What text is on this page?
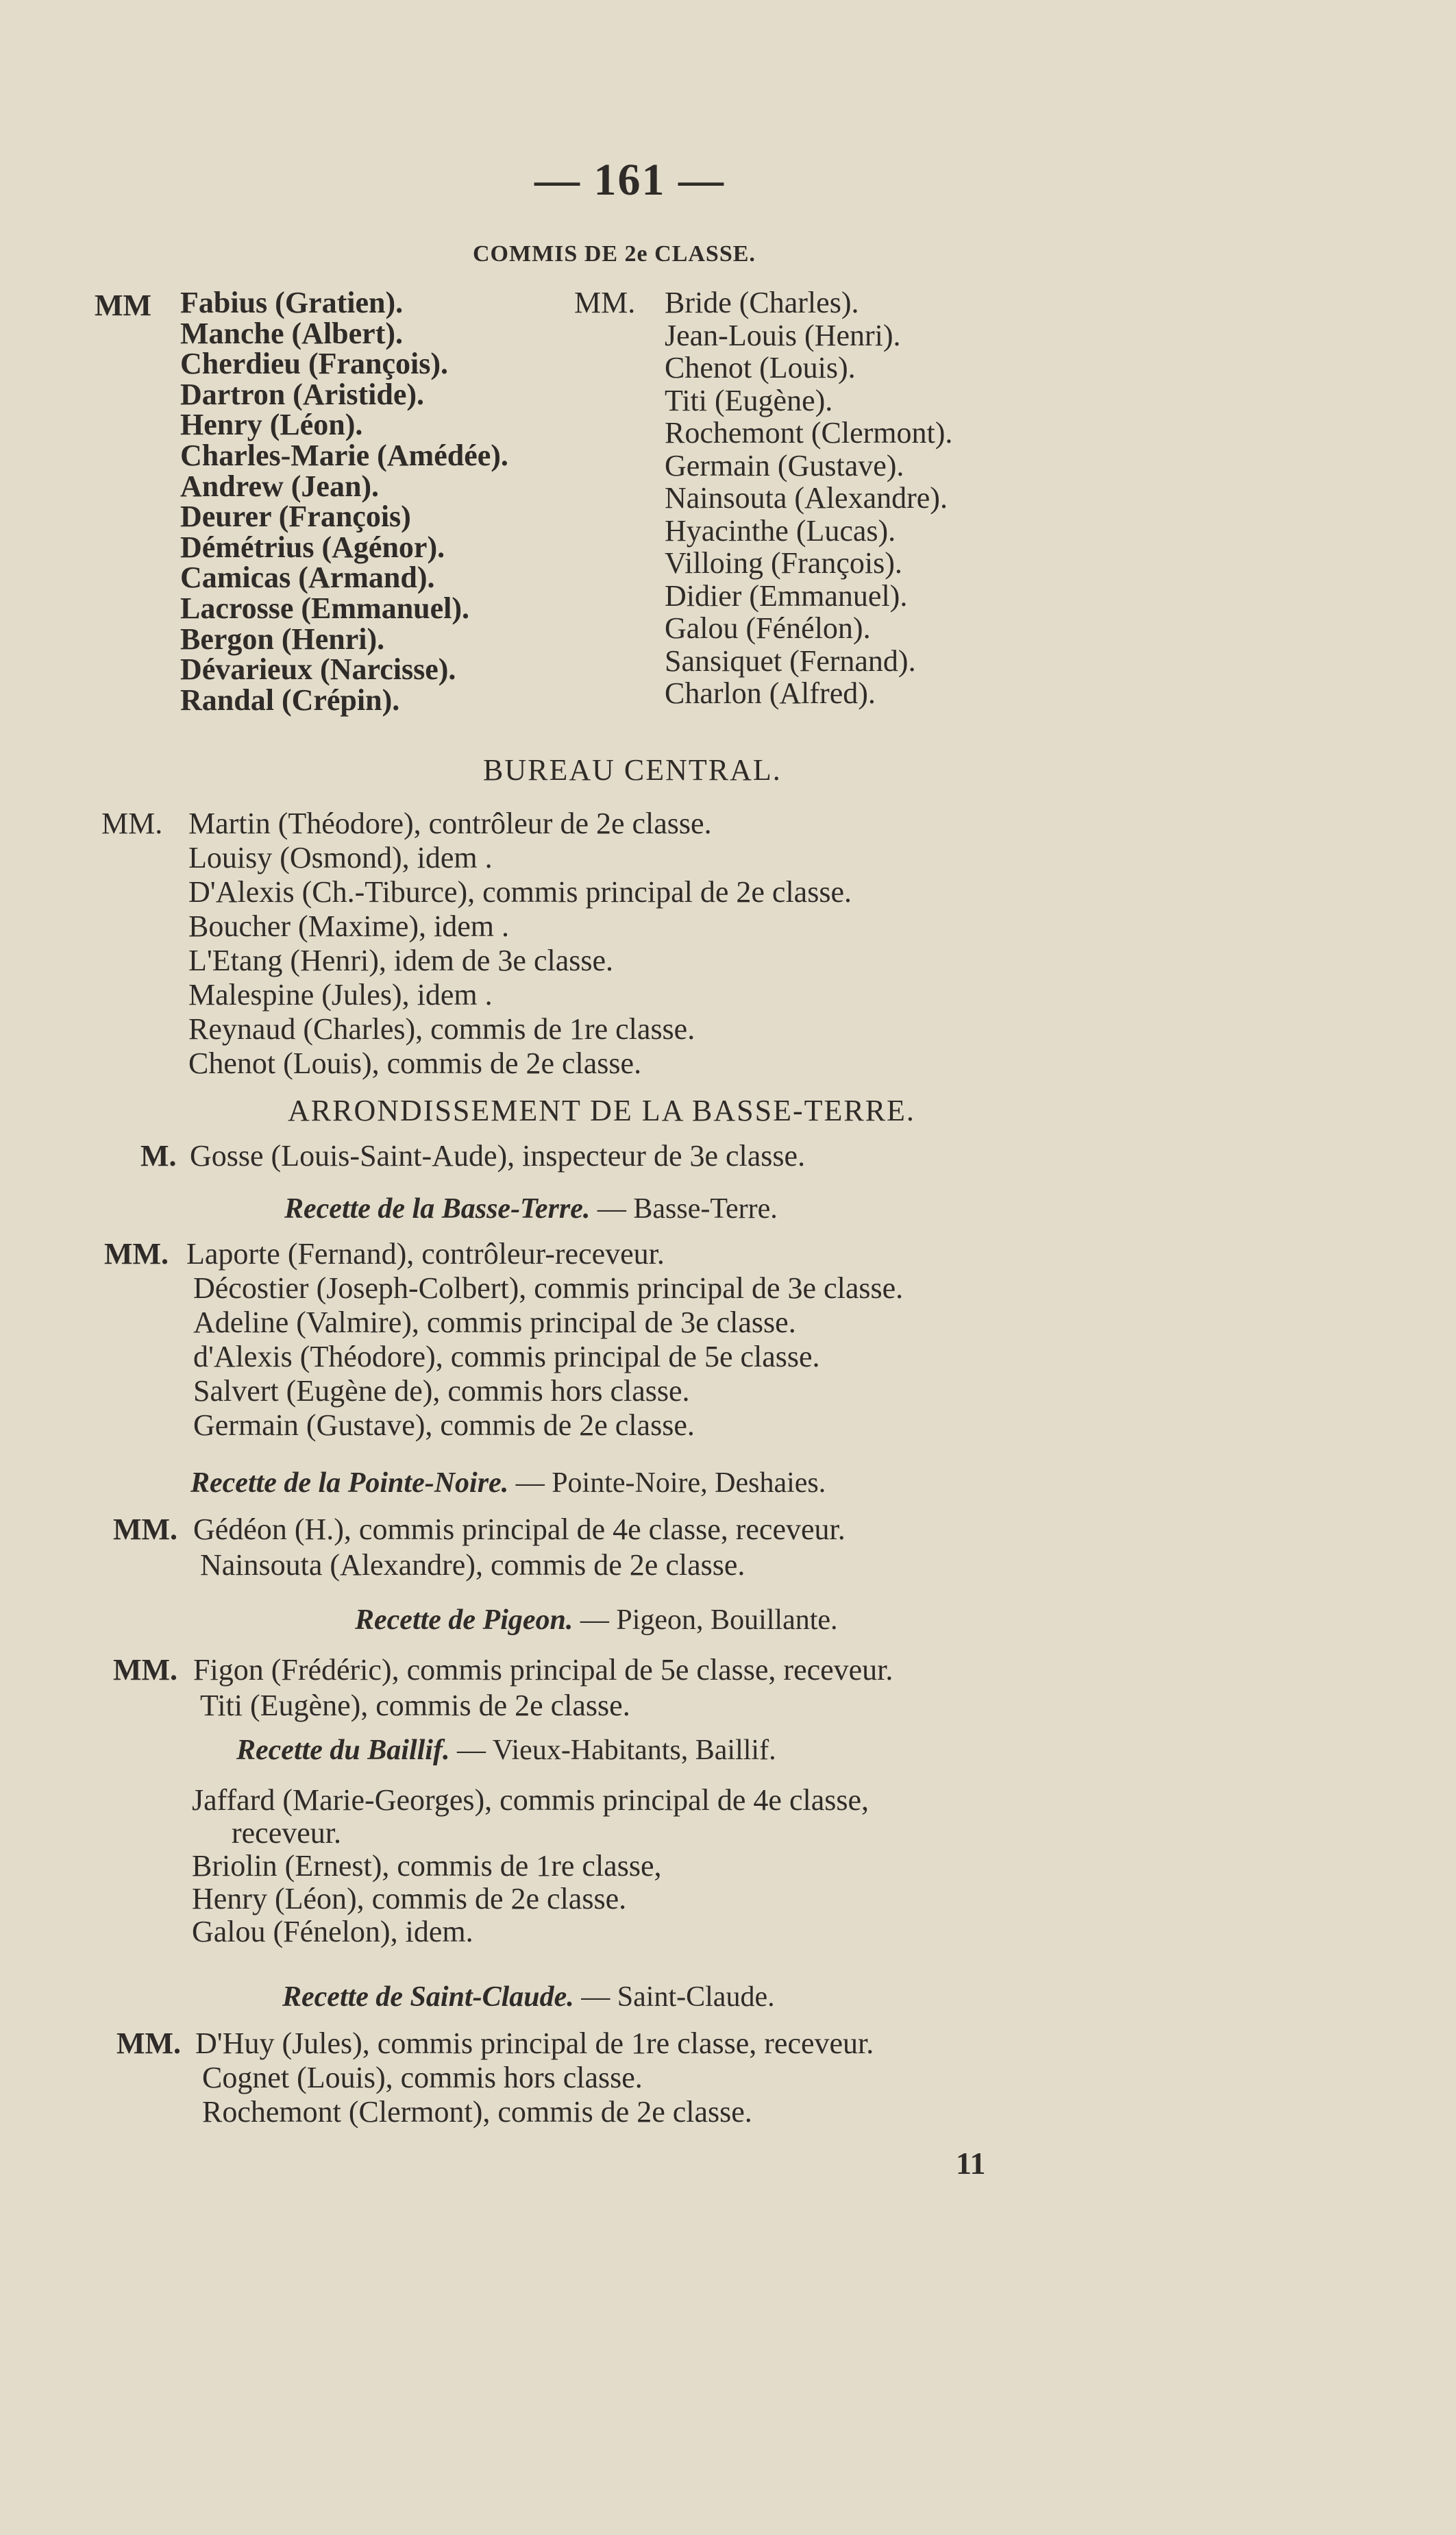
— 161 —
COMMIS DE 2e CLASSE.
MM Fabius (Gratien).
Manche (Albert).
Cherdieu (François).
Dartron (Aristide).
Henry (Léon).
Charles-Marie (Amédée).
Andrew (Jean).
Deurer (François)
Démétrius (Agénor).
Camicas (Armand).
Lacrosse (Emmanuel).
Bergon (Henri).
Dévarieux (Narcisse).
Randal (Crépin).
MM. Bride (Charles).
Jean-Louis (Henri).
Chenot (Louis).
Titi (Eugène).
Rochemont (Clermont).
Germain (Gustave).
Nainsouta (Alexandre).
Hyacinthe (Lucas).
Villoing (François).
Didier (Emmanuel).
Galou (Fénélon).
Sansiquet (Fernand).
Charlon (Alfred).
BUREAU CENTRAL.
MM. Martin (Théodore), contrôleur de 2e classe.
Louisy (Osmond), idem .
D'Alexis (Ch.-Tiburce), commis principal de 2e classe.
Boucher (Maxime), idem .
L'Etang (Henri), idem de 3e classe.
Malespine (Jules), idem .
Reynaud (Charles), commis de 1re classe.
Chenot (Louis), commis de 2e classe.
ARRONDISSEMENT DE LA BASSE-TERRE.
M. Gosse (Louis-Saint-Aude), inspecteur de 3e classe.
Recette de la Basse-Terre. — Basse-Terre.
MM. Laporte (Fernand), contrôleur-receveur.
Décostier (Joseph-Colbert), commis principal de 3e classe.
Adeline (Valmire), commis principal de 3e classe.
d'Alexis (Théodore), commis principal de 5e classe.
Salvert (Eugène de), commis hors classe.
Germain (Gustave), commis de 2e classe.
Recette de la Pointe-Noire. — Pointe-Noire, Deshaies.
MM. Gédéon (H.), commis principal de 4e classe, receveur.
Nainsouta (Alexandre), commis de 2e classe.
Recette de Pigeon. — Pigeon, Bouillante.
MM. Figon (Frédéric), commis principal de 5e classe, receveur.
Titi (Eugène), commis de 2e classe.
Recette du Baillif. — Vieux-Habitants, Baillif.
Jaffard (Marie-Georges), commis principal de 4e classe,
receveur.
Briolin (Ernest), commis de 1re classe,
Henry (Léon), commis de 2e classe.
Galou (Fénelon), idem.
Recette de Saint-Claude. — Saint-Claude.
MM. D'Huy (Jules), commis principal de 1re classe, receveur.
Cognet (Louis), commis hors classe.
Rochemont (Clermont), commis de 2e classe.
11
